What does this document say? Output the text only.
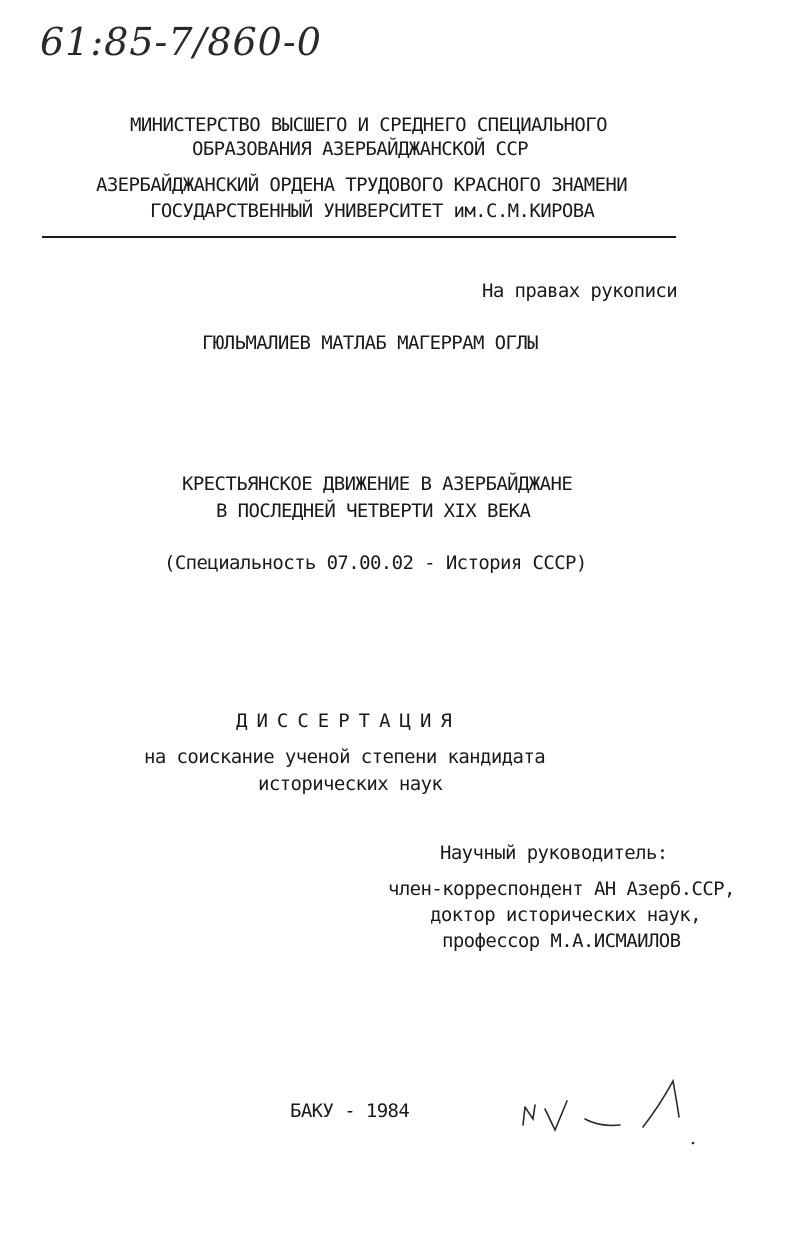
61:85-7/860-0
МИНИСТЕРСТВО ВЫСШЕГО И СРЕДНЕГО СПЕЦИАЛЬНОГО
ОБРАЗОВАНИЯ АЗЕРБАЙДЖАНСКОЙ ССР
АЗЕРБАЙДЖАНСКИЙ ОРДЕНА ТРУДОВОГО КРАСНОГО ЗНАМЕНИ
ГОСУДАРСТВЕННЫЙ УНИВЕРСИТЕТ им.С.М.КИРОВА
На правах рукописи
ГЮЛЬМАЛИЕВ МАТЛАБ МАГЕРРАМ ОГЛЫ
КРЕСТЬЯНСКОЕ ДВИЖЕНИЕ В АЗЕРБАЙДЖАНЕ
В ПОСЛЕДНЕЙ ЧЕТВЕРТИ XIX ВЕКА
(Специальность 07.00.02 - История СССР)
ДИССЕРТАЦИЯ
на соискание ученой степени кандидата
исторических наук
Научный руководитель:
член-корреспондент АН Азерб.ССР,
доктор исторических наук,
профессор М.А.ИСМАИЛОВ
БАКУ - 1984
